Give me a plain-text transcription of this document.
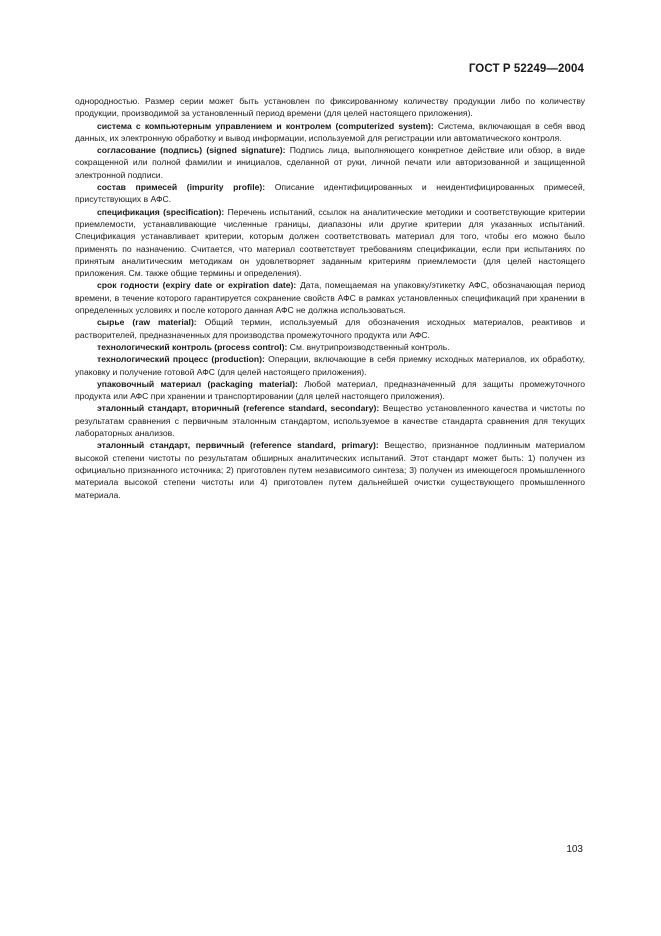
ГОСТ Р 52249—2004

однородностью. Размер серии может быть установлен по фиксированному количеству продукции либо по количеству продукции, производимой за установленный период времени (для целей настоящего приложения).

система с компьютерным управлением и контролем (computerized system): Система, включающая в себя ввод данных, их электронную обработку и вывод информации, используемой для регистрации или автоматического контроля.

согласование (подпись) (signed signature): Подпись лица, выполняющего конкретное действие или обзор, в виде сокращенной или полной фамилии и инициалов, сделанной от руки, личной печати или авторизованной и защищенной электронной подписи.

состав примесей (impurity profile): Описание идентифицированных и неидентифицированных примесей, присутствующих в АФС.

спецификация (specification): Перечень испытаний, ссылок на аналитические методики и соответствующие критерии приемлемости, устанавливающие численные границы, диапазоны или другие критерии для указанных испытаний. Спецификация устанавливает критерии, которым должен соответствовать материал для того, чтобы его можно было применять по назначению. Считается, что материал соответствует требованиям спецификации, если при испытаниях по принятым аналитическим методикам он удовлетворяет заданным критериям приемлемости (для целей настоящего приложения. См. также общие термины и определения).

срок годности (expiry date or expiration date): Дата, помещаемая на упаковку/этикетку АФС, обозначающая период времени, в течение которого гарантируется сохранение свойств АФС в рамках установленных спецификаций при хранении в определенных условиях и после которого данная АФС не должна использоваться.

сырье (raw material): Общий термин, используемый для обозначения исходных материалов, реактивов и растворителей, предназначенных для производства промежуточного продукта или АФС.

технологический контроль (process control): См. внутрипроизводственный контроль.

технологический процесс (production): Операции, включающие в себя приемку исходных материалов, их обработку, упаковку и получение готовой АФС (для целей настоящего приложения).

упаковочный материал (packaging material): Любой материал, предназначенный для защиты промежуточного продукта или АФС при хранении и транспортировании (для целей настоящего приложения).

эталонный стандарт, вторичный (reference standard, secondary): Вещество установленного качества и чистоты по результатам сравнения с первичным эталонным стандартом, используемое в качестве стандарта сравнения для текущих лабораторных анализов.

эталонный стандарт, первичный (reference standard, primary): Вещество, признанное подлинным материалом высокой степени чистоты по результатам обширных аналитических испытаний. Этот стандарт может быть: 1) получен из официально признанного источника; 2) приготовлен путем независимого синтеза; 3) получен из имеющегося промышленного материала высокой степени чистоты или 4) приготовлен путем дальнейшей очистки существующего промышленного материала.

103
